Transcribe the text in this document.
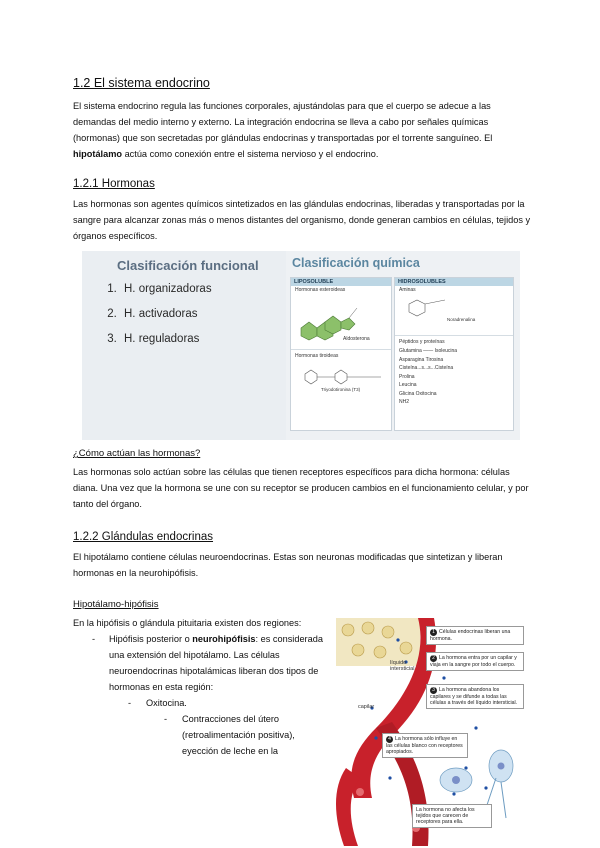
1.2 El sistema endocrino

El sistema endocrino regula las funciones corporales, ajustándolas para que el cuerpo se adecue a las demandas del medio interno y externo. La integración endocrina se lleva a cabo por señales químicas (hormonas) que son secretadas por glándulas endocrinas y transportadas por el torrente sanguíneo. El hipotálamo actúa como conexión entre el sistema nervioso y el endocrino.

1.2.1 Hormonas

Las hormonas son agentes químicos sintetizados en las glándulas endocrinas, liberadas y transportadas por la sangre para alcanzar zonas más o menos distantes del organismo, donde generan cambios en células, tejidos y órganos específicos.

Clasificación funcional
1. H. organizadoras
2. H. activadoras
3. H. reguladoras
Clasificación química
LIPOSOLUBLE
Hormonas esteroideas
Aldosterona
Hormonas tiroideas
Triyodotironina (T3)
HIDROSOLUBLES
Aminas
Noradrenalina
Péptidos y proteínas
Glutamina —— Isoleucina
Asparagina Tirosina
Cisteína...s...s...Cisteína
Prolina
Leucina
Glicina Oxitocina
NH2
¿Cómo actúan las hormonas?

Las hormonas solo actúan sobre las células que tienen receptores específicos para dicha hormona: células diana. Una vez que la hormona se une con su receptor se producen cambios en el funcionamiento celular, y por tanto del órgano.

1.2.2 Glándulas endocrinas

El hipotálamo contiene células neuroendocrinas. Estas son neuronas modificadas que sintetizan y liberan hormonas en la neurohipófisis.

Hipotálamo-hipófisis

En la hipófisis o glándula pituitaria existen dos regiones:

- Hipófisis posterior o neurohipófisis: es considerada una extensión del hipotálamo. Las células neuroendocrinas hipotalámicas liberan dos tipos de hormonas en esta región:

- Oxitocina.

- Contracciones del útero (retroalimentación positiva), eyección de leche en la

líquido intersticial
capilar
1 Células endocrinas liberan una hormona.
2 La hormona entra por un capilar y viaja en la sangre por todo el cuerpo.
3 La hormona abandona los capilares y se difunde a todas las células a través del líquido intersticial.
4 La hormona sólo influye en las células blanco con receptores apropiados.
La hormona no afecta los tejidos que carecen de receptores para ella.
